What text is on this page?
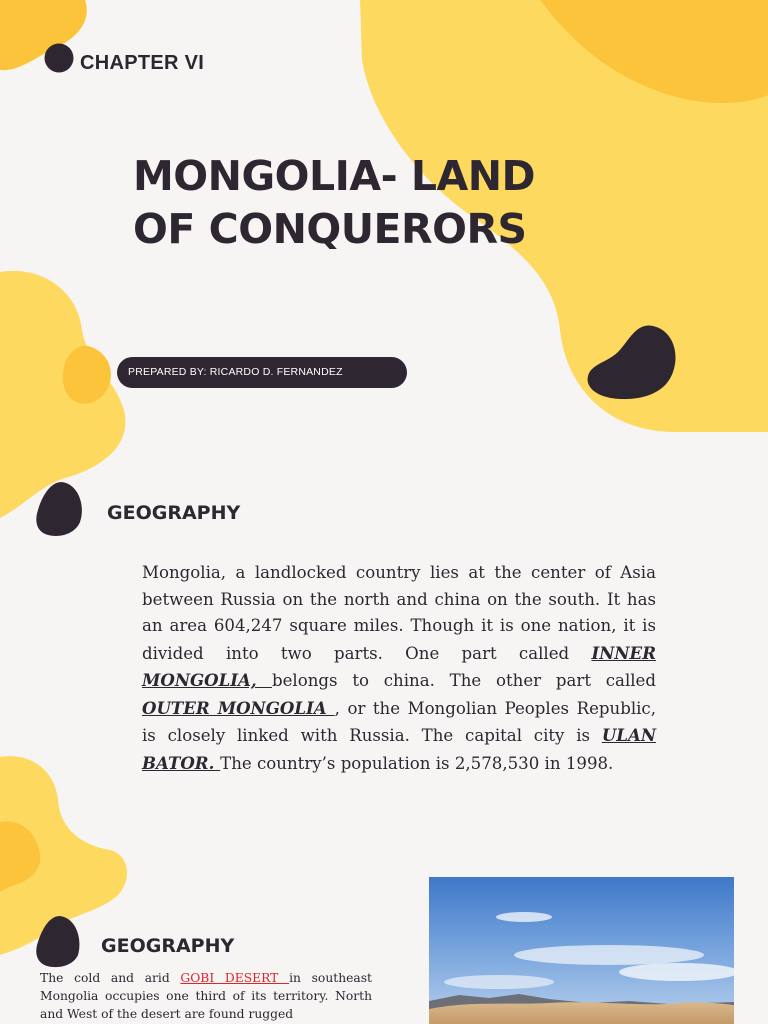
CHAPTER VI
MONGOLIA- LAND
OF CONQUERORS
PREPARED BY: RICARDO D. FERNANDEZ
GEOGRAPHY

Mongolia, a landlocked country lies at the center of Asia between Russia on the north and china on the south. It has an area 604,247 square miles. Though it is one nation, it is divided into two parts. One part called INNER MONGOLIA, belongs to china. The other part called OUTER MONGOLIA , or the Mongolian Peoples Republic, is closely linked with Russia. The capital city is ULAN BATOR. The country’s population is 2,578,530 in 1998.

GEOGRAPHY

The cold and arid GOBI DESERT in southeast Mongolia occupies one third of its territory. North and West of the desert are found rugged
